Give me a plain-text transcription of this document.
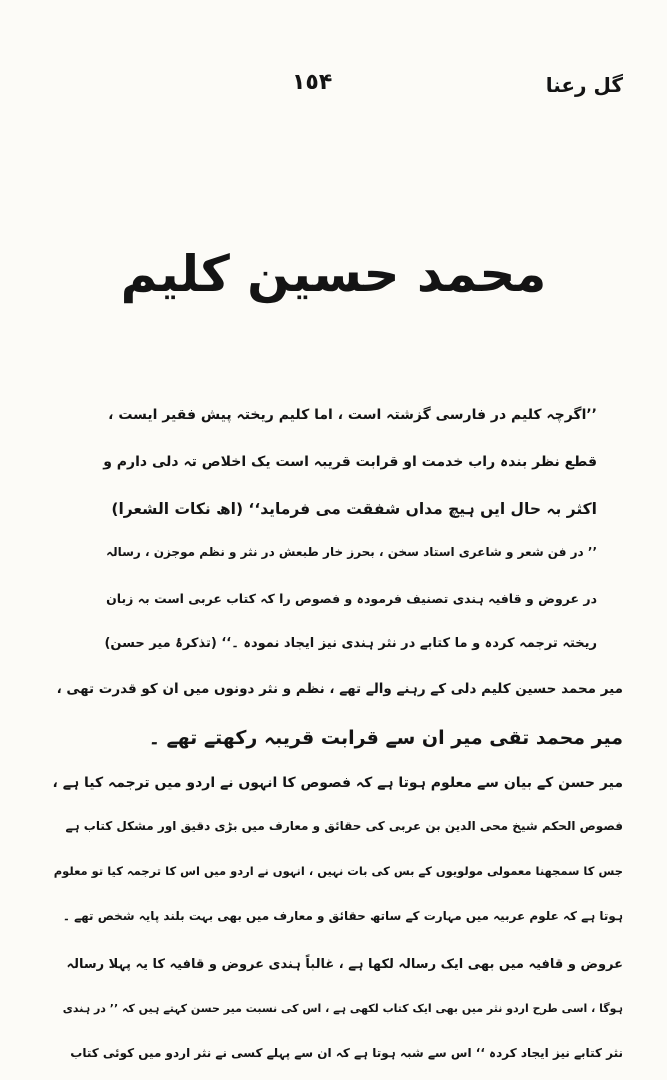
گل رعنا
١٥۴
محمد حسین کلیم
’’اگرچہ کلیم در فارسی گزشتہ است ، اما کلیم ریختہ پیش فقیر ایست ،
قطع نظر بندہ راب خدمت او قرابت قریبہ است یک اخلاص تہ دلی دارم و
اکثر بہ حال ایں ہیچ مداں شفقت می فرماید‘‘ (اھ نکات الشعرا)
’’ در فن شعر و شاعری استاد سخن ، بحرز خار طبعش در نثر و نظم موجزن ، رسالہ
در عروض و قافیہ ہندی تصنیف فرمودہ و فصوص را کہ کتاب عربی است بہ زبان
ریختہ ترجمہ کردہ و ما کتابے در نثر ہندی نیز ایجاد نمودہ ۔‘‘ (تذکرۂ میر حسن)
میر محمد حسین کلیم دلی کے رہنے والے تھے ، نظم و نثر دونوں میں ان کو قدرت تھی ،
میر محمد تقی میر ان سے قرابت قریبہ رکھتے تھے ۔
میر حسن کے بیان سے معلوم ہوتا ہے کہ فصوص کا انہوں نے اردو میں ترجمہ کیا ہے ،
فصوص الحکم شیخ محی الدین بن عربی کی حقائق و معارف میں بڑی دقیق اور مشکل کتاب ہے
جس کا سمجھنا معمولی مولویوں کے بس کی بات نہیں ، انہوں نے اردو میں اس کا ترجمہ کیا تو معلوم
ہوتا ہے کہ علوم عربیہ میں مہارت کے ساتھ حقائق و معارف میں بھی بہت بلند پایہ شخص تھے ۔
عروض و قافیہ میں بھی ایک رسالہ لکھا ہے ، غالباً ہندی عروض و قافیہ کا یہ پہلا رسالہ
ہوگا ، اسی طرح اردو نثر میں بھی ایک کتاب لکھی ہے ، اس کی نسبت میر حسن کہتے ہیں کہ ’’ در ہندی
نثر کتابے نیز ایجاد کردہ ‘‘ اس سے شبہ ہوتا ہے کہ ان سے پہلے کسی نے نثر اردو میں کوئی کتاب
